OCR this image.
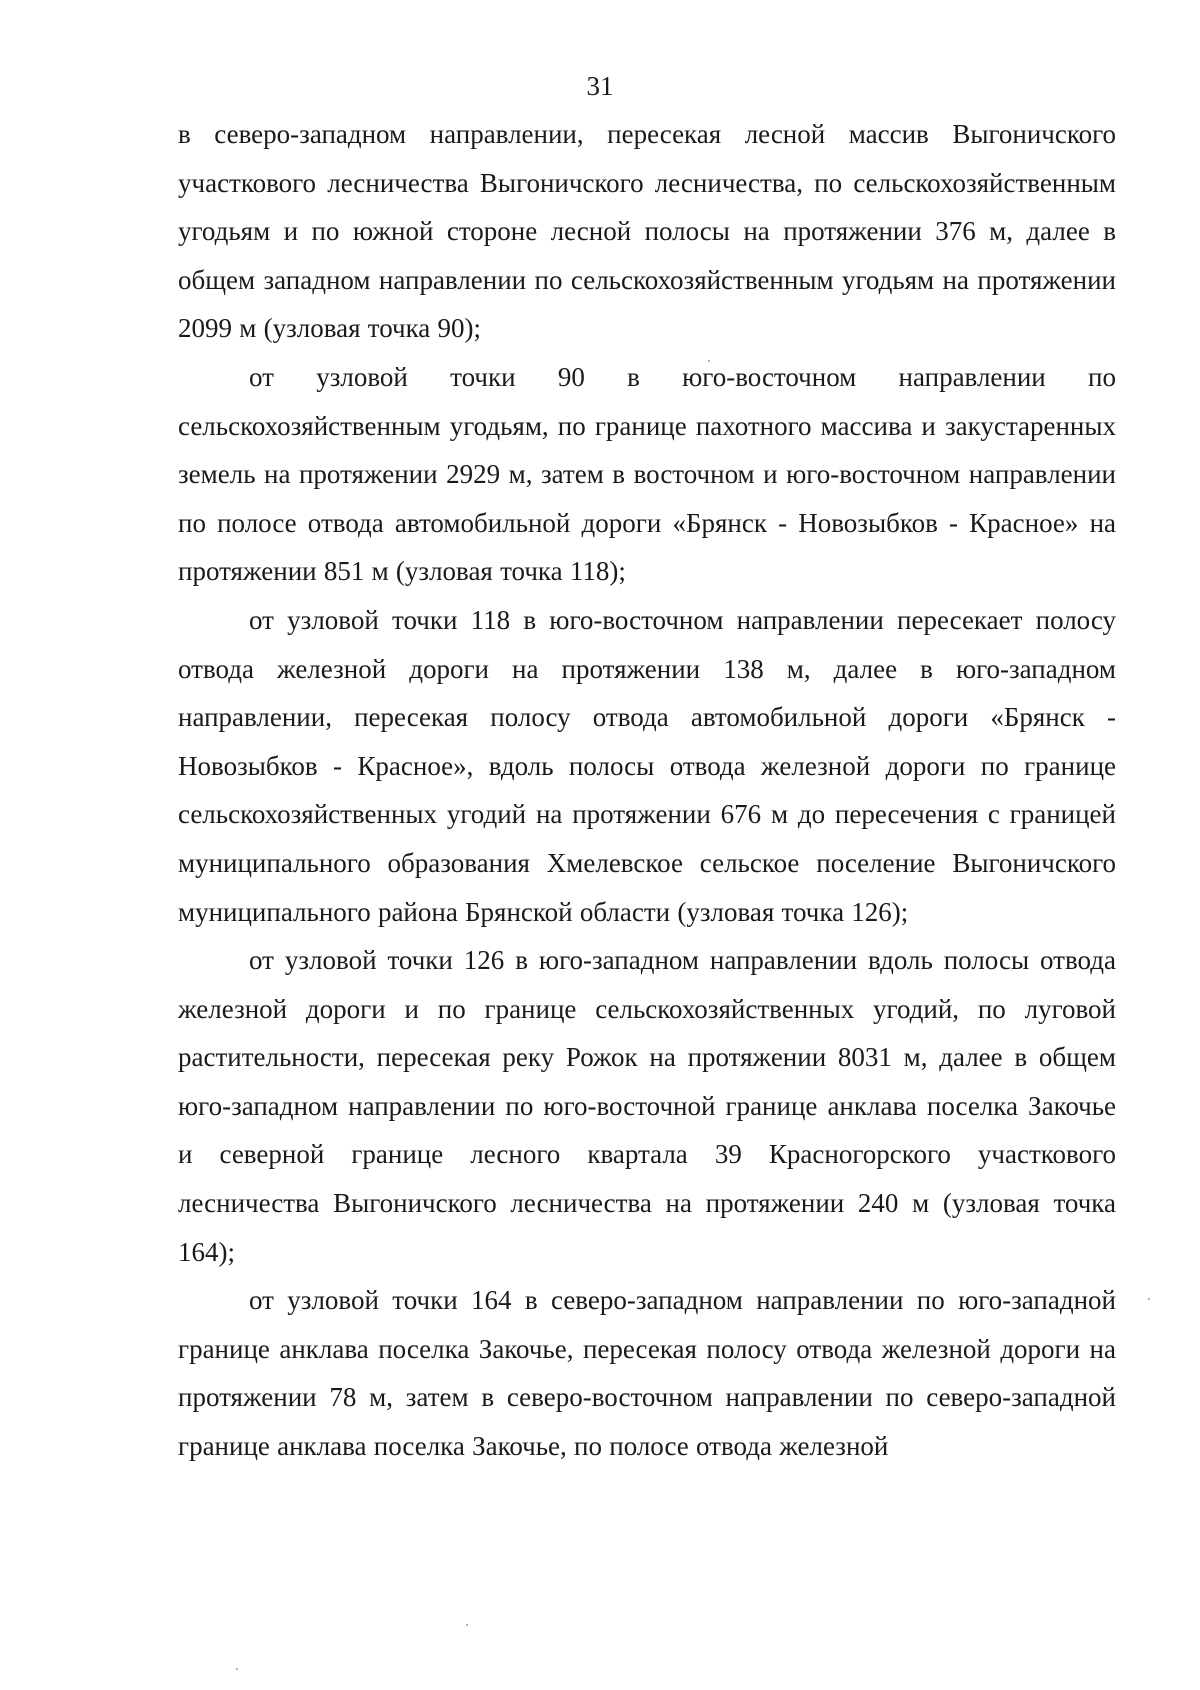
31

в северо-западном направлении, пересекая лесной массив Выгоничского участкового лесничества Выгоничского лесничества, по сельскохозяйственным угодьям и по южной стороне лесной полосы на протяжении 376 м, далее в общем западном направлении по сельскохозяйственным угодьям на протяжении 2099 м (узловая точка 90);

от узловой точки 90 в юго-восточном направлении по сельскохозяйственным угодьям, по границе пахотного массива и закустаренных земель на протяжении 2929 м, затем в восточном и юго-восточном направлении по полосе отвода автомобильной дороги «Брянск - Новозыбков - Красное» на протяжении 851 м (узловая точка 118);

от узловой точки 118 в юго-восточном направлении пересекает полосу отвода железной дороги на протяжении 138 м, далее в юго-западном направлении, пересекая полосу отвода автомобильной дороги «Брянск - Новозыбков - Красное», вдоль полосы отвода железной дороги по границе сельскохозяйственных угодий на протяжении 676 м до пересечения с границей муниципального образования Хмелевское сельское поселение Выгоничского муниципального района Брянской области (узловая точка 126);

от узловой точки 126 в юго-западном направлении вдоль полосы отвода железной дороги и по границе сельскохозяйственных угодий, по луговой растительности, пересекая реку Рожок на протяжении 8031 м, далее в общем юго-западном направлении по юго-восточной границе анклава поселка Закочье и северной границе лесного квартала 39 Красногорского участкового лесничества Выгоничского лесничества на протяжении 240 м (узловая точка 164);

от узловой точки 164 в северо-западном направлении по юго-западной границе анклава поселка Закочье, пересекая полосу отвода железной дороги на протяжении 78 м, затем в северо-восточном направлении по северо-западной границе анклава поселка Закочье, по полосе отвода железной
